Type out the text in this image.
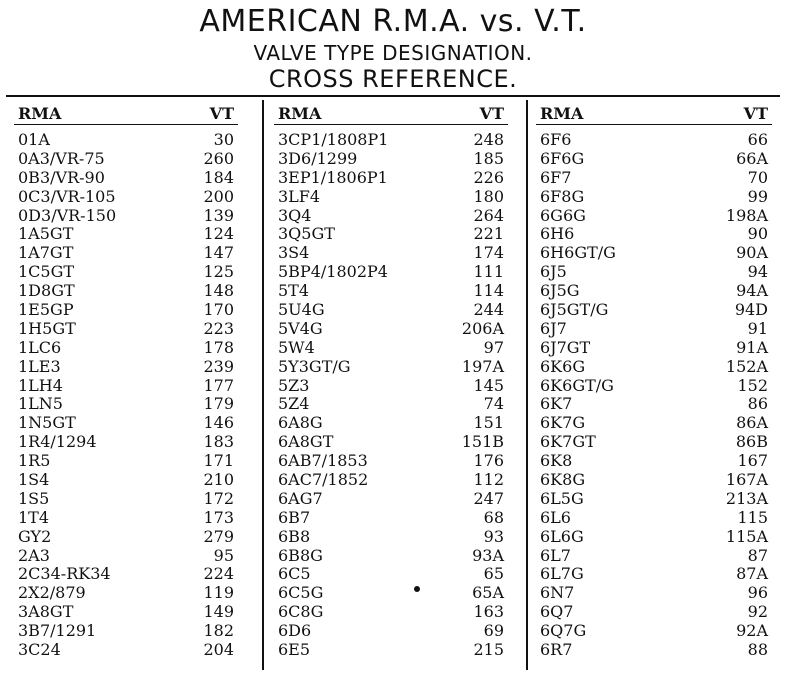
AMERICAN R.M.A. vs. V.T.
VALVE TYPE DESIGNATION.
CROSS REFERENCE.
RMA	VT
01A	30
0A3/VR-75	260
0B3/VR-90	184
0C3/VR-105	200
0D3/VR-150	139
1A5GT	124
1A7GT	147
1C5GT	125
1D8GT	148
1E5GP	170
1H5GT	223
1LC6	178
1LE3	239
1LH4	177
1LN5	179
1N5GT	146
1R4/1294	183
1R5	171
1S4	210
1S5	172
1T4	173
GY2	279
2A3	95
2C34-RK34	224
2X2/879	119
3A8GT	149
3B7/1291	182
3C24	204
RMA	VT
3CP1/1808P1	248
3D6/1299	185
3EP1/1806P1	226
3LF4	180
3Q4	264
3Q5GT	221
3S4	174
5BP4/1802P4	111
5T4	114
5U4G	244
5V4G	206A
5W4	97
5Y3GT/G	197A
5Z3	145
5Z4	74
6A8G	151
6A8GT	151B
6AB7/1853	176
6AC7/1852	112
6AG7	247
6B7	68
6B8	93
6B8G	93A
6C5	65
6C5G	65A
6C8G	163
6D6	69
6E5	215
RMA	VT
6F6	66
6F6G	66A
6F7	70
6F8G	99
6G6G	198A
6H6	90
6H6GT/G	90A
6J5	94
6J5G	94A
6J5GT/G	94D
6J7	91
6J7GT	91A
6K6G	152A
6K6GT/G	152
6K7	86
6K7G	86A
6K7GT	86B
6K8	167
6K8G	167A
6L5G	213A
6L6	115
6L6G	115A
6L7	87
6L7G	87A
6N7	96
6Q7	92
6Q7G	92A
6R7	88
